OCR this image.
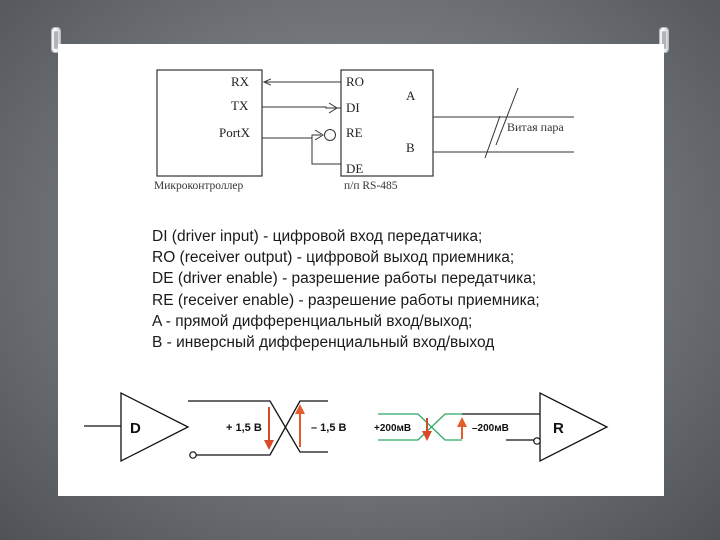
RX
TX
PortX
Микроконтроллер
RO
DI
RE
DE
A
B
п/п RS-485
Витая пара
D	+ 1,5 В	– 1,5 В	+200мВ	–200мВ	R
DI (driver input) - цифровой вход передатчика;
RO (receiver output) - цифровой выход приемника;
DE (driver enable) - разрешение работы передатчика;
RE (receiver enable) - разрешение работы приемника;
A - прямой дифференциальный вход/выход;
B - инверсный дифференциальный вход/выход
